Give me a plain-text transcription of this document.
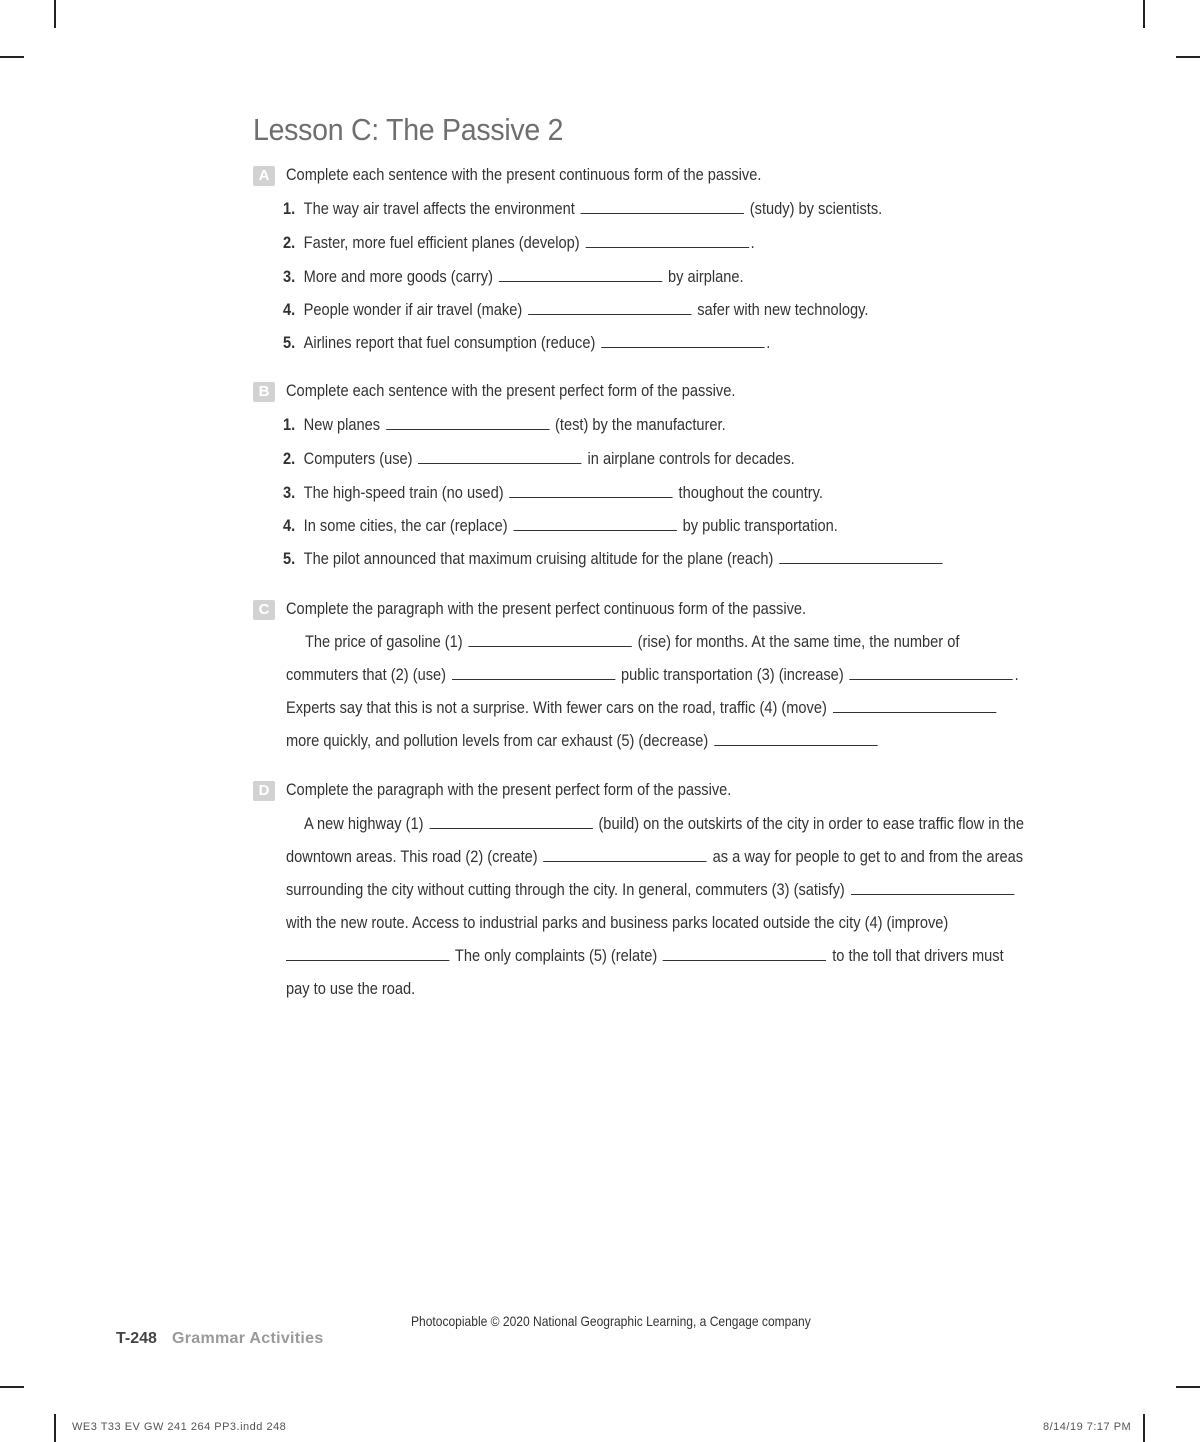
Lesson C: The Passive 2
A Complete each sentence with the present continuous form of the passive.
1. The way air travel affects the environment	(study) by scientists.
2. Faster, more fuel efficient planes (develop)	.
3. More and more goods (carry)	by airplane.
4. People wonder if air travel (make)	safer with new technology.
5. Airlines report that fuel consumption (reduce)	.
B Complete each sentence with the present perfect form of the passive.
1. New planes	(test) by the manufacturer.
2. Computers (use)	in airplane controls for decades.
3. The high-speed train (no used)	thoughout the country.
4. In some cities, the car (replace)	by public transportation.
5. The pilot announced that maximum cruising altitude for the plane (reach)
C Complete the paragraph with the present perfect continuous form of the passive.
The price of gasoline (1)	(rise) for months. At the same time, the number of
commuters that (2) (use)	public transportation (3) (increase)	.
Experts say that this is not a surprise. With fewer cars on the road, traffic (4) (move)
more quickly, and pollution levels from car exhaust (5) (decrease)
D Complete the paragraph with the present perfect form of the passive.
A new highway (1)	(build) on the outskirts of the city in order to ease traffic flow in the
downtown areas. This road (2) (create)	as a way for people to get to and from the areas
surrounding the city without cutting through the city. In general, commuters (3) (satisfy)
with the new route. Access to industrial parks and business parks located outside the city (4) (improve)
The only complaints (5) (relate)	to the toll that drivers must
pay to use the road.
Photocopiable © 2020 National Geographic Learning, a Cengage company
T-248 Grammar Activities
WE3 T33 EV GW 241 264 PP3.indd 248	8/14/19 7:17 PM
